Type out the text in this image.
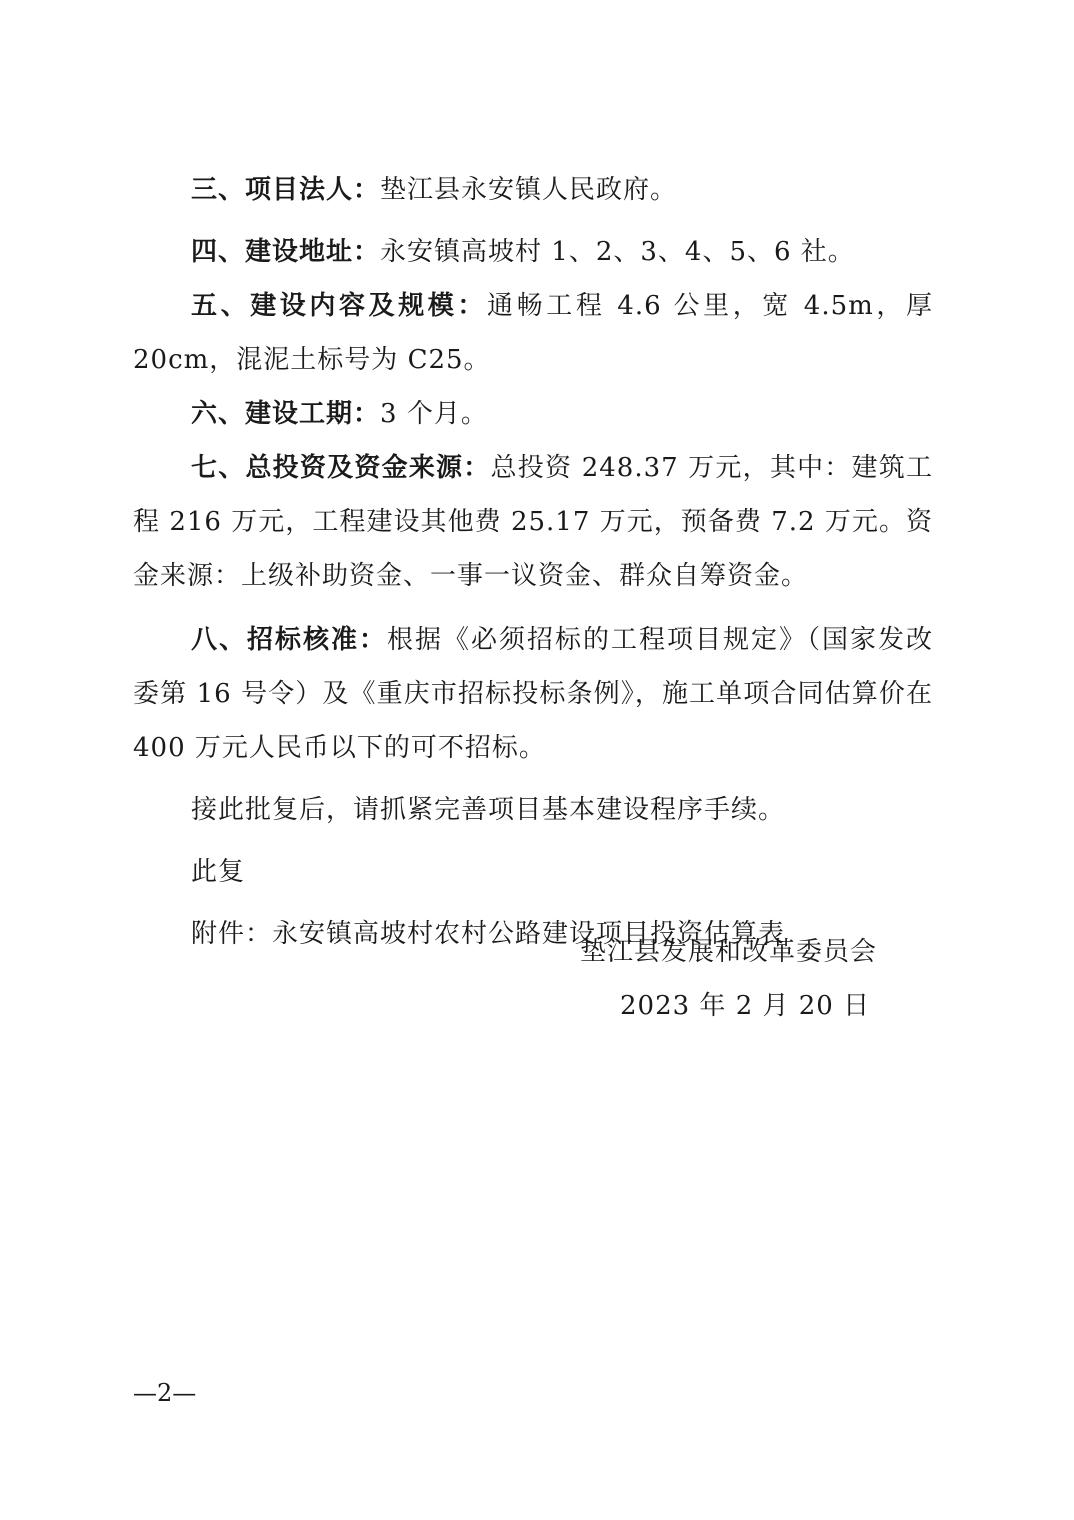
三、项目法人：垫江县永安镇人民政府。

四、建设地址：永安镇高坡村 1、2、3、4、5、6 社。

五、建设内容及规模：通畅工程 4.6 公里，宽 4.5m，厚 20cm，混泥土标号为 C25。

六、建设工期：3 个月。

七、总投资及资金来源：总投资 248.37 万元，其中：建筑工程 216 万元，工程建设其他费 25.17 万元，预备费 7.2 万元。资金来源：上级补助资金、一事一议资金、群众自筹资金。

八、招标核准：根据《必须招标的工程项目规定》（国家发改委第 16 号令）及《重庆市招标投标条例》，施工单项合同估算价在 400 万元人民币以下的可不招标。

接此批复后，请抓紧完善项目基本建设程序手续。

此复

附件：永安镇高坡村农村公路建设项目投资估算表

垫江县发展和改革委员会
2023 年 2 月 20 日
—2—
